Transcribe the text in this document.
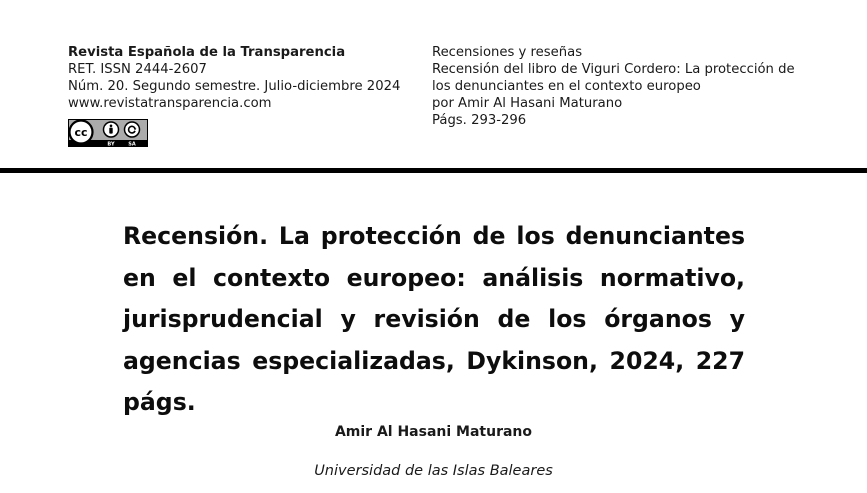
Revista Española de la Transparencia
RET. ISSN 2444-2607
Núm. 20. Segundo semestre. Julio-diciembre 2024
www.revistatransparencia.com
BY	SA
cc
Recensiones y reseñas
Recensión del libro de Viguri Cordero: La protección de
los denunciantes en el contexto europeo
por Amir Al Hasani Maturano
Págs. 293-296
Recensión. La protección de los denunciantes en el contexto europeo: análisis normativo, jurisprudencial y revisión de los órganos y agencias especializadas, Dykinson, 2024, 227 págs.
Amir Al Hasani Maturano
Universidad de las Islas Baleares
